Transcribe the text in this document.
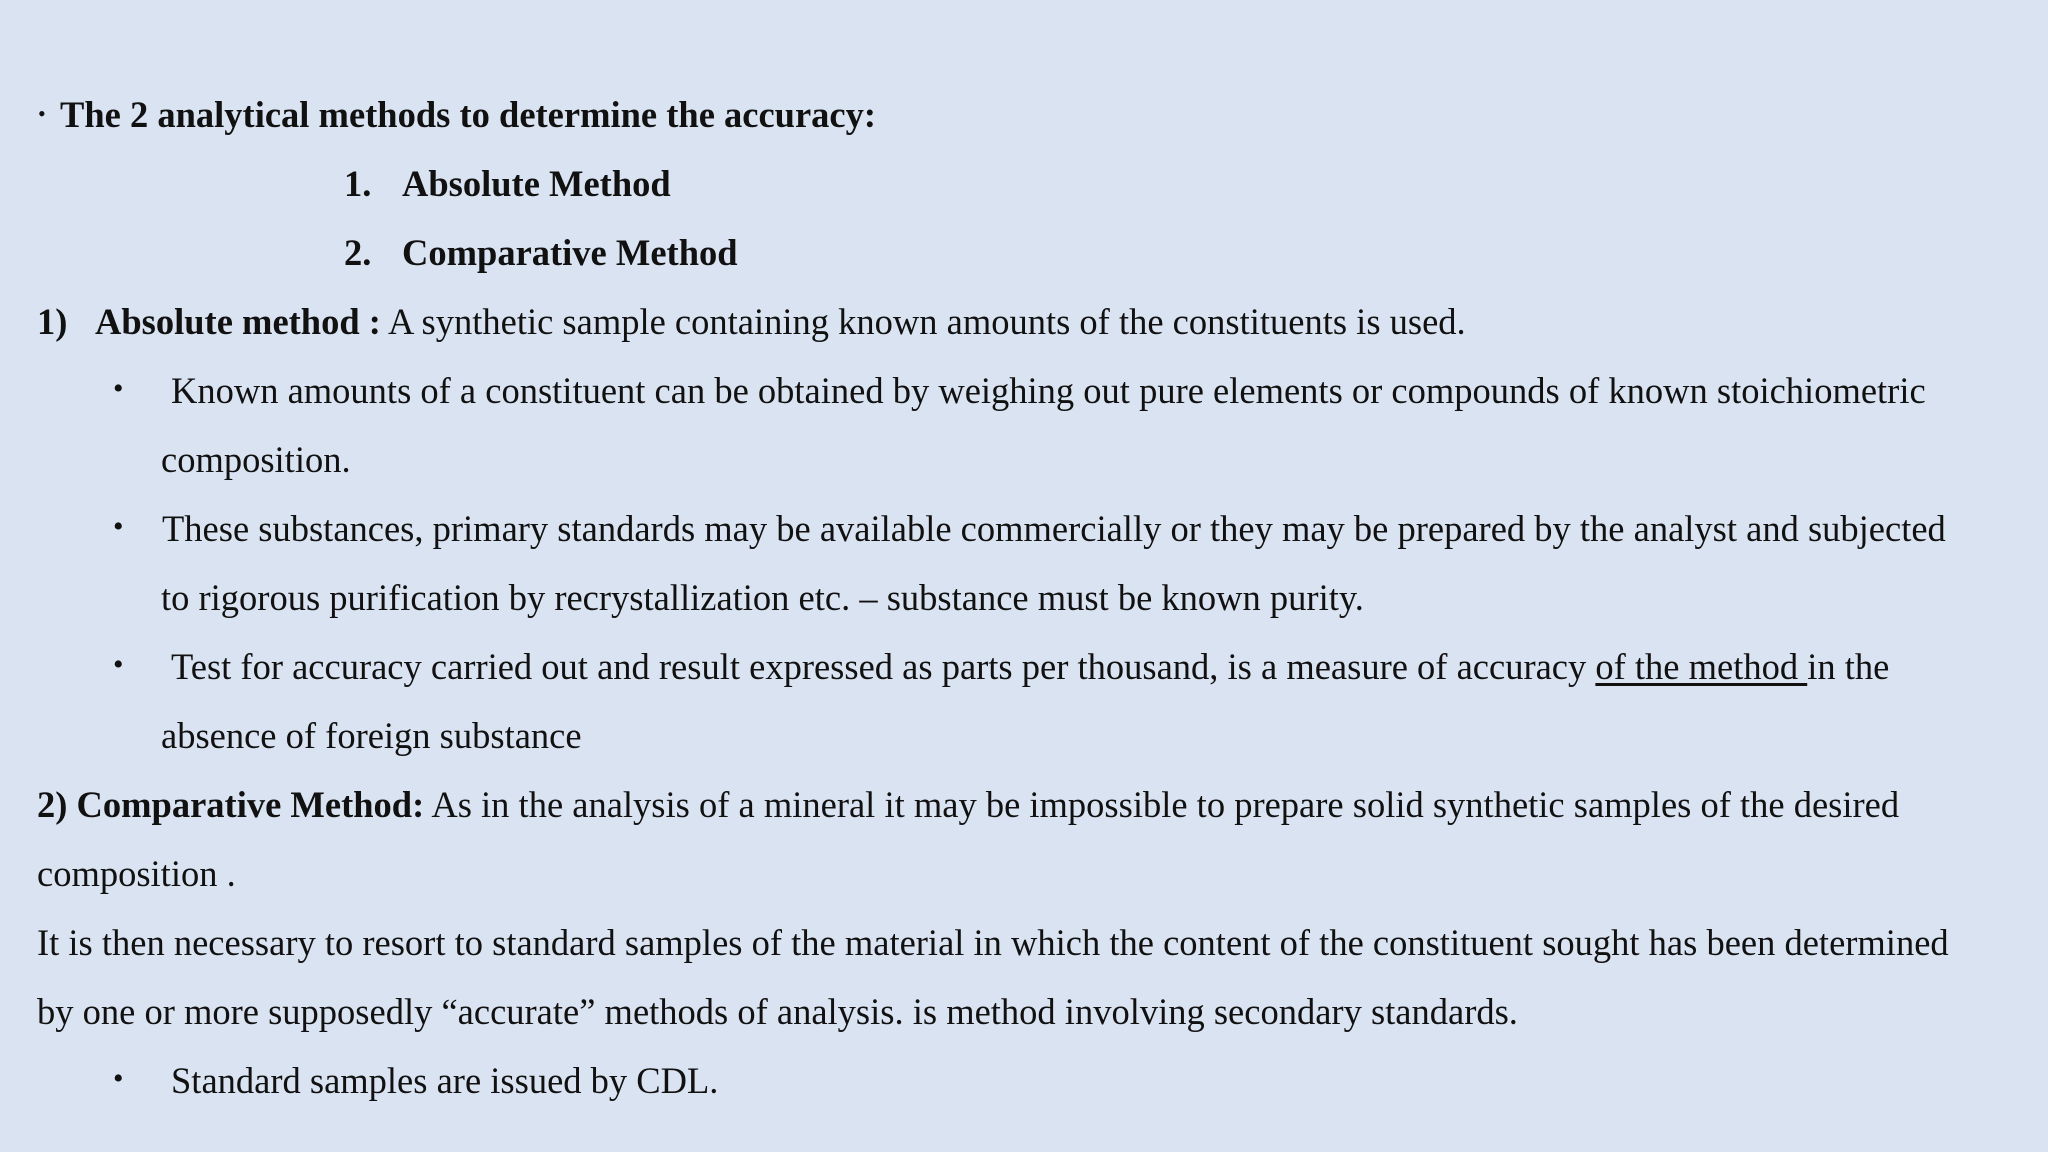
• The 2 analytical methods to determine the accuracy:
1. Absolute Method
2. Comparative Method
1) Absolute method : A synthetic sample containing known amounts of the constituents is used.
• Known amounts of a constituent can be obtained by weighing out pure elements or compounds of known stoichiometric
composition.
• These substances, primary standards may be available commercially or they may be prepared by the analyst and subjected
to rigorous purification by recrystallization etc. – substance must be known purity.
• Test for accuracy carried out and result expressed as parts per thousand, is a measure of accuracy of the method in the
absence of foreign substance
2) Comparative Method: As in the analysis of a mineral it may be impossible to prepare solid synthetic samples of the desired
composition .
It is then necessary to resort to standard samples of the material in which the content of the constituent sought has been determined
by one or more supposedly “accurate” methods of analysis. is method involving secondary standards.
• Standard samples are issued by CDL.
